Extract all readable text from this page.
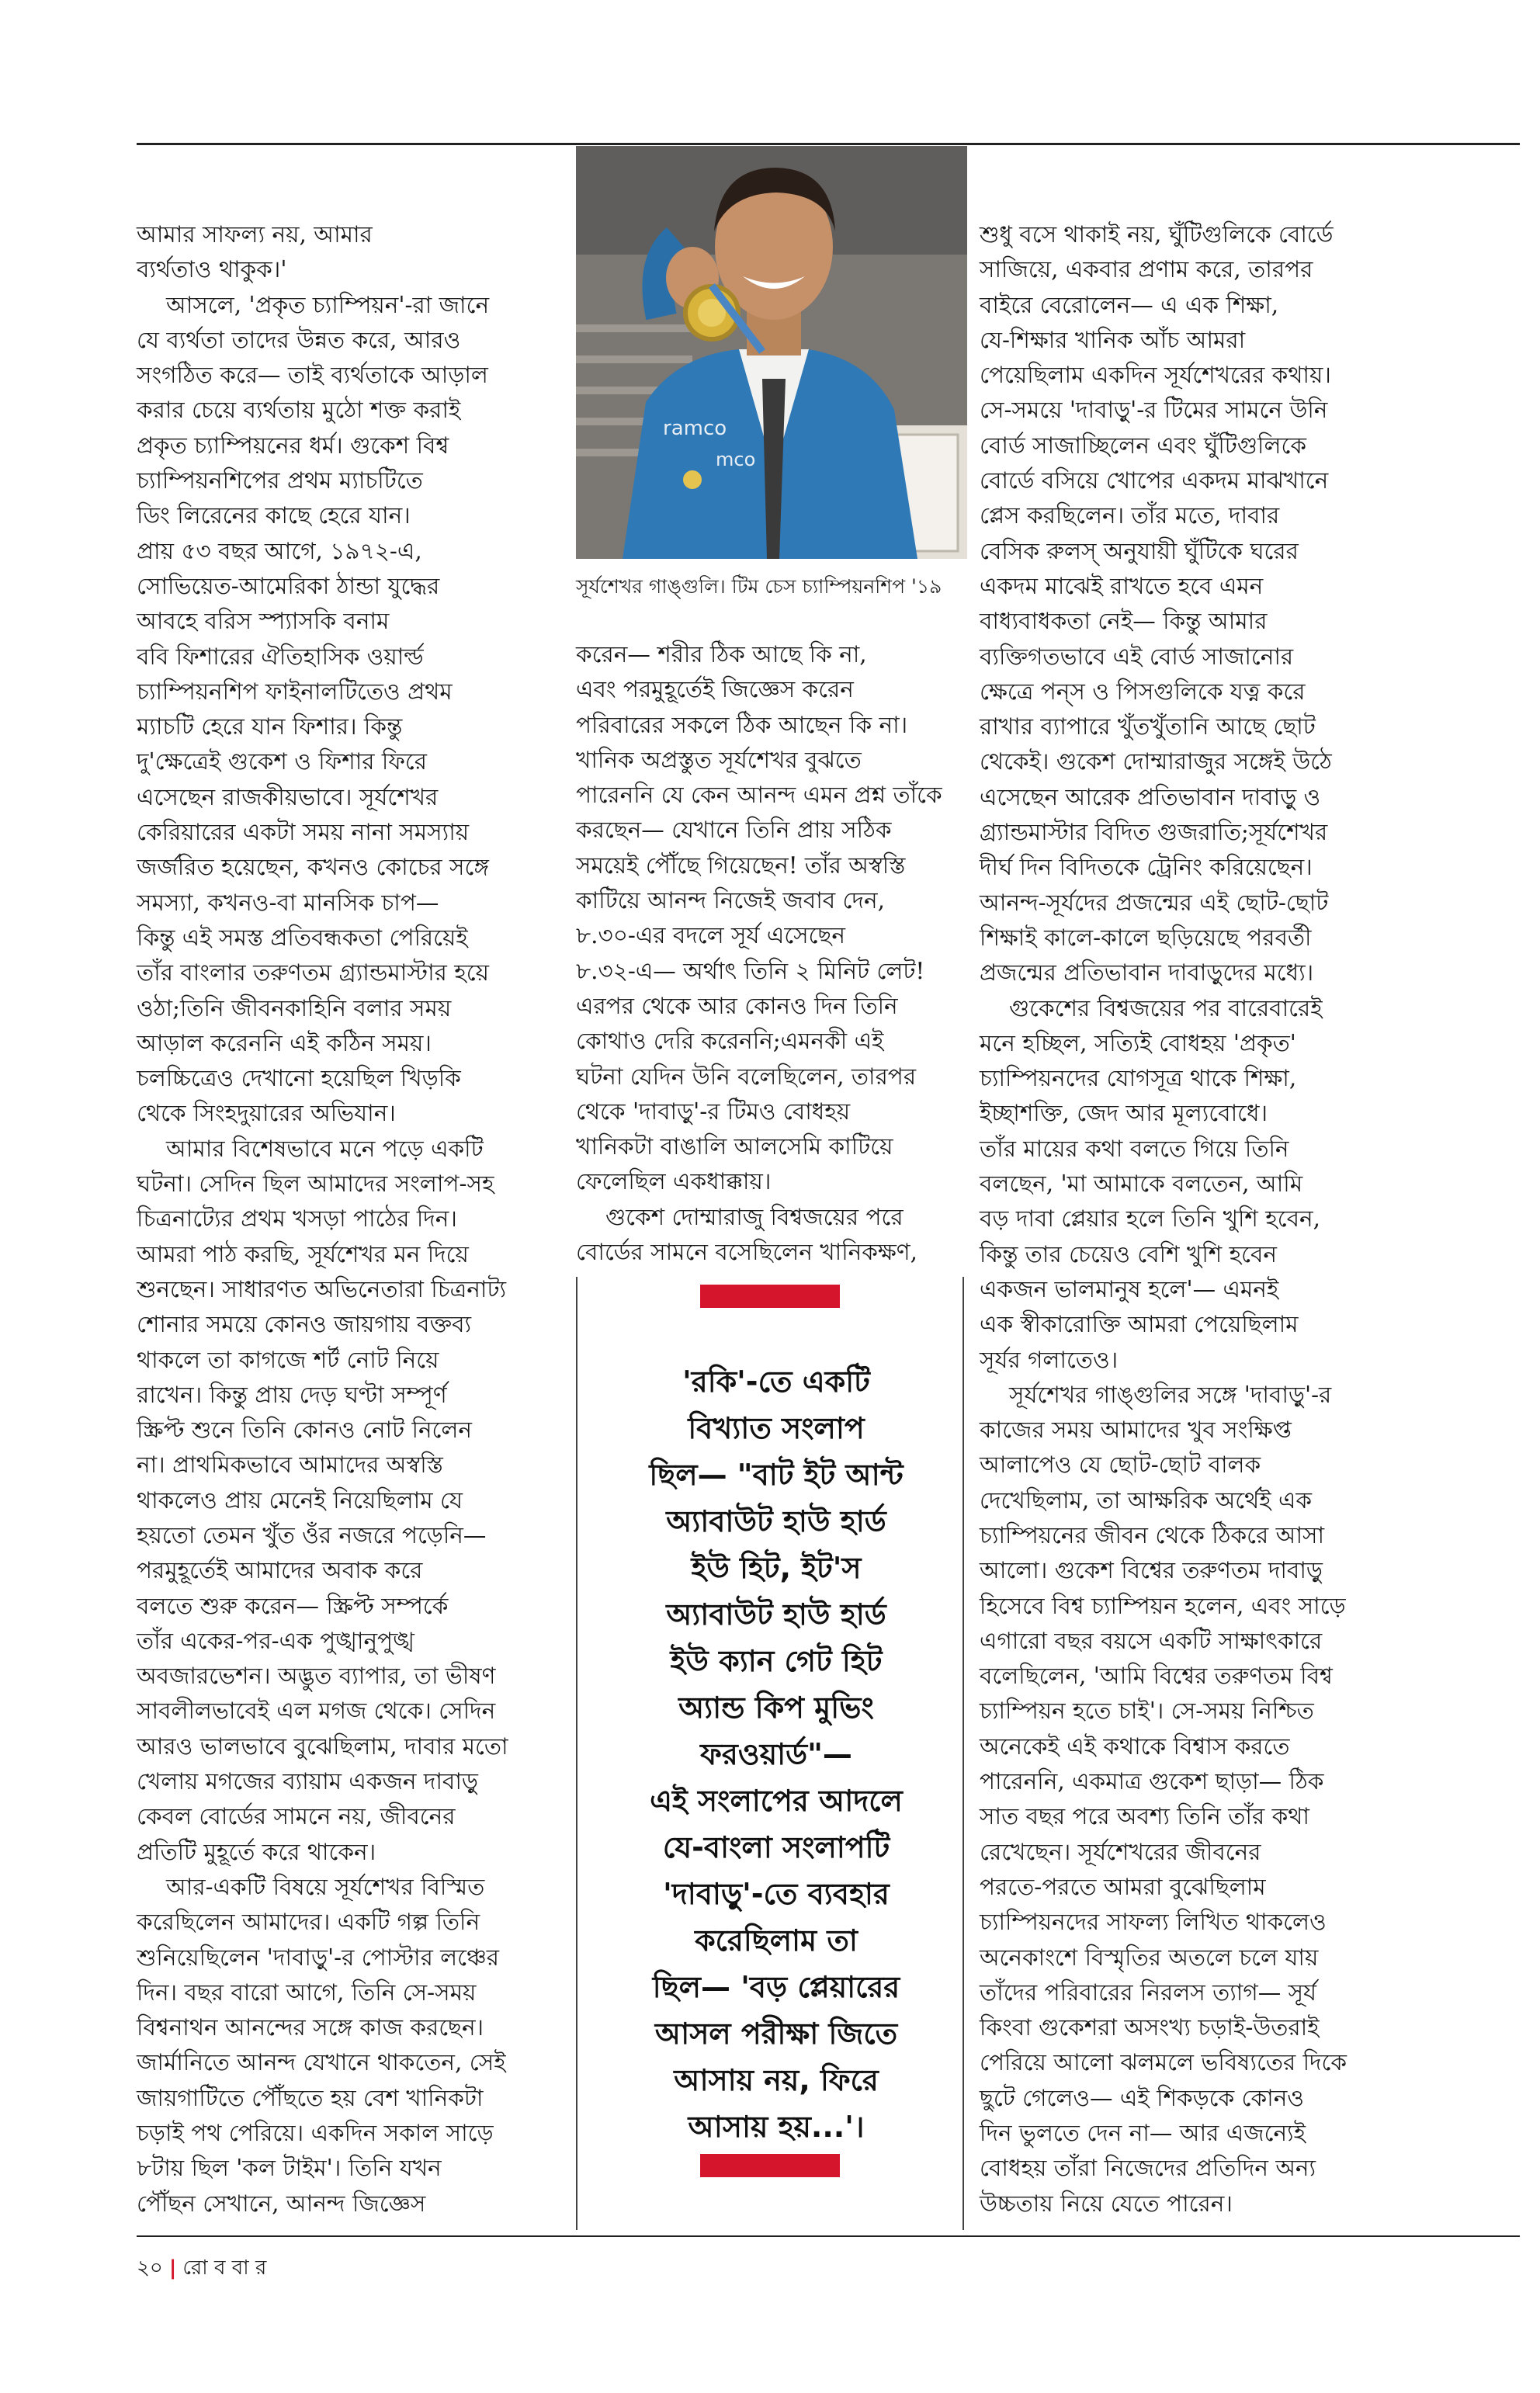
আমার সাফল্য নয়, আমার
ব্যর্থতাও থাকুক।'

আসলে, 'প্রকৃত চ্যাম্পিয়ন'-রা জানে
যে ব্যর্থতা তাদের উন্নত করে, আরও
সংগঠিত করে— তাই ব্যর্থতাকে আড়াল
করার চেয়ে ব্যর্থতায় মুঠো শক্ত করাই
প্রকৃত চ্যাম্পিয়নের ধর্ম। গুকেশ বিশ্ব
চ্যাম্পিয়নশিপের প্রথম ম্যাচটিতে
ডিং লিরেনের কাছে হেরে যান।
প্রায় ৫৩ বছর আগে, ১৯৭২-এ,
সোভিয়েত-আমেরিকা ঠান্ডা যুদ্ধের
আবহে বরিস স্প্যাসকি বনাম
ববি ফিশারের ঐতিহাসিক ওয়ার্ল্ড
চ্যাম্পিয়নশিপ ফাইনালটিতেও প্রথম
ম্যাচটি হেরে যান ফিশার। কিন্তু
দু'ক্ষেত্রেই গুকেশ ও ফিশার ফিরে
এসেছেন রাজকীয়ভাবে। সূর্যশেখর
কেরিয়ারের একটা সময় নানা সমস্যায়
জর্জরিত হয়েছেন, কখনও কোচের সঙ্গে
সমস্যা, কখনও-বা মানসিক চাপ—
কিন্তু এই সমস্ত প্রতিবন্ধকতা পেরিয়েই
তাঁর বাংলার তরুণতম গ্র্যান্ডমাস্টার হয়ে
ওঠা;তিনি জীবনকাহিনি বলার সময়
আড়াল করেননি এই কঠিন সময়।
চলচ্চিত্রেও দেখানো হয়েছিল খিড়কি
থেকে সিংহদুয়ারের অভিযান।

আমার বিশেষভাবে মনে পড়ে একটি
ঘটনা। সেদিন ছিল আমাদের সংলাপ-সহ
চিত্রনাট্যের প্রথম খসড়া পাঠের দিন।
আমরা পাঠ করছি, সূর্যশেখর মন দিয়ে
শুনছেন। সাধারণত অভিনেতারা চিত্রনাট্য
শোনার সময়ে কোনও জায়গায় বক্তব্য
থাকলে তা কাগজে শর্ট নোট নিয়ে
রাখেন। কিন্তু প্রায় দেড় ঘণ্টা সম্পূর্ণ
স্ক্রিপ্ট শুনে তিনি কোনও নোট নিলেন
না। প্রাথমিকভাবে আমাদের অস্বস্তি
থাকলেও প্রায় মেনেই নিয়েছিলাম যে
হয়তো তেমন খুঁত ওঁর নজরে পড়েনি—
পরমুহূর্তেই আমাদের অবাক করে
বলতে শুরু করেন— স্ক্রিপ্ট সম্পর্কে
তাঁর একের-পর-এক পুঙ্খানুপুঙ্খ
অবজারভেশন। অদ্ভুত ব্যাপার, তা ভীষণ
সাবলীলভাবেই এল মগজ থেকে। সেদিন
আরও ভালভাবে বুঝেছিলাম, দাবার মতো
খেলায় মগজের ব্যায়াম একজন দাবাড়ু
কেবল বোর্ডের সামনে নয়, জীবনের
প্রতিটি মুহূর্তে করে থাকেন।

আর-একটি বিষয়ে সূর্যশেখর বিস্মিত
করেছিলেন আমাদের। একটি গল্প তিনি
শুনিয়েছিলেন 'দাবাড়ু'-র পোস্টার লঞ্চের
দিন। বছর বারো আগে, তিনি সে-সময়
বিশ্বনাথন আনন্দের সঙ্গে কাজ করছেন।
জার্মানিতে আনন্দ যেখানে থাকতেন, সেই
জায়গাটিতে পৌঁছতে হয় বেশ খানিকটা
চড়াই পথ পেরিয়ে। একদিন সকাল সাড়ে
৮টায় ছিল 'কল টাইম'। তিনি যখন
পৌঁছন সেখানে, আনন্দ জিজ্ঞেস

ramco
mco
সূর্যশেখর গাঙ্গুলি। টিম চেস চ্যাম্পিয়নশিপ '১৯

করেন— শরীর ঠিক আছে কি না,
এবং পরমুহূর্তেই জিজ্ঞেস করেন
পরিবারের সকলে ঠিক আছেন কি না।
খানিক অপ্রস্তুত সূর্যশেখর বুঝতে
পারেননি যে কেন আনন্দ এমন প্রশ্ন তাঁকে
করছেন— যেখানে তিনি প্রায় সঠিক
সময়েই পৌঁছে গিয়েছেন! তাঁর অস্বস্তি
কাটিয়ে আনন্দ নিজেই জবাব দেন,
৮.৩০-এর বদলে সূর্য এসেছেন
৮.৩২-এ— অর্থাৎ তিনি ২ মিনিট লেট!
এরপর থেকে আর কোনও দিন তিনি
কোথাও দেরি করেননি;এমনকী এই
ঘটনা যেদিন উনি বলেছিলেন, তারপর
থেকে 'দাবাড়ু'-র টিমও বোধহয়
খানিকটা বাঙালি আলসেমি কাটিয়ে
ফেলেছিল একধাক্কায়।

গুকেশ দোম্মারাজু বিশ্বজয়ের পরে
বোর্ডের সামনে বসেছিলেন খানিকক্ষণ,

'রকি'-তে একটি
বিখ্যাত সংলাপ
ছিল— "বাট ইট আন্ট
অ্যাবাউট হাউ হার্ড
ইউ হিট, ইট'স
অ্যাবাউট হাউ হার্ড
ইউ ক্যান গেট হিট
অ্যান্ড কিপ মুভিং
ফরওয়ার্ড"—
এই সংলাপের আদলে
যে-বাংলা সংলাপটি
'দাবাড়ু'-তে ব্যবহার
করেছিলাম তা
ছিল— 'বড় প্লেয়ারের
আসল পরীক্ষা জিতে
আসায় নয়, ফিরে
আসায় হয়...'।

শুধু বসে থাকাই নয়, ঘুঁটিগুলিকে বোর্ডে
সাজিয়ে, একবার প্রণাম করে, তারপর
বাইরে বেরোলেন— এ এক শিক্ষা,
যে-শিক্ষার খানিক আঁচ আমরা
পেয়েছিলাম একদিন সূর্যশেখরের কথায়।
সে-সময়ে 'দাবাড়ু'-র টিমের সামনে উনি
বোর্ড সাজাচ্ছিলেন এবং ঘুঁটিগুলিকে
বোর্ডে বসিয়ে খোপের একদম মাঝখানে
প্লেস করছিলেন। তাঁর মতে, দাবার
বেসিক রুলস্ অনুযায়ী ঘুঁটিকে ঘরের
একদম মাঝেই রাখতে হবে এমন
বাধ্যবাধকতা নেই— কিন্তু আমার
ব্যক্তিগতভাবে এই বোর্ড সাজানোর
ক্ষেত্রে পন্‌স ও পিসগুলিকে যত্ন করে
রাখার ব্যাপারে খুঁতখুঁতানি আছে ছোট
থেকেই। গুকেশ দোম্মারাজুর সঙ্গেই উঠে
এসেছেন আরেক প্রতিভাবান দাবাড়ু ও
গ্র্যান্ডমাস্টার বিদিত গুজরাতি;সূর্যশেখর
দীর্ঘ দিন বিদিতকে ট্রেনিং করিয়েছেন।
আনন্দ-সূর্যদের প্রজন্মের এই ছোট-ছোট
শিক্ষাই কালে-কালে ছড়িয়েছে পরবর্তী
প্রজন্মের প্রতিভাবান দাবাড়ুদের মধ্যে।

গুকেশের বিশ্বজয়ের পর বারেবারেই
মনে হচ্ছিল, সত্যিই বোধহয় 'প্রকৃত'
চ্যাম্পিয়নদের যোগসূত্র থাকে শিক্ষা,
ইচ্ছাশক্তি, জেদ আর মূল্যবোধে।
তাঁর মায়ের কথা বলতে গিয়ে তিনি
বলছেন, 'মা আমাকে বলতেন, আমি
বড় দাবা প্লেয়ার হলে তিনি খুশি হবেন,
কিন্তু তার চেয়েও বেশি খুশি হবেন
একজন ভালমানুষ হলে'— এমনই
এক স্বীকারোক্তি আমরা পেয়েছিলাম
সূর্যর গলাতেও।

সূর্যশেখর গাঙ্গুলির সঙ্গে 'দাবাড়ু'-র
কাজের সময় আমাদের খুব সংক্ষিপ্ত
আলাপেও যে ছোট-ছোট বালক
দেখেছিলাম, তা আক্ষরিক অর্থেই এক
চ্যাম্পিয়নের জীবন থেকে ঠিকরে আসা
আলো। গুকেশ বিশ্বের তরুণতম দাবাড়ু
হিসেবে বিশ্ব চ্যাম্পিয়ন হলেন, এবং সাড়ে
এগারো বছর বয়সে একটি সাক্ষাৎকারে
বলেছিলেন, 'আমি বিশ্বের তরুণতম বিশ্ব
চ্যাম্পিয়ন হতে চাই'। সে-সময় নিশ্চিত
অনেকেই এই কথাকে বিশ্বাস করতে
পারেননি, একমাত্র গুকেশ ছাড়া— ঠিক
সাত বছর পরে অবশ্য তিনি তাঁর কথা
রেখেছেন। সূর্যশেখরের জীবনের
পরতে-পরতে আমরা বুঝেছিলাম
চ্যাম্পিয়নদের সাফল্য লিখিত থাকলেও
অনেকাংশে বিস্মৃতির অতলে চলে যায়
তাঁদের পরিবারের নিরলস ত্যাগ— সূর্য
কিংবা গুকেশরা অসংখ্য চড়াই-উতরাই
পেরিয়ে আলো ঝলমলে ভবিষ্যতের দিকে
ছুটে গেলেও— এই শিকড়কে কোনও
দিন ভুলতে দেন না— আর এজন্যেই
বোধহয় তাঁরা নিজেদের প্রতিদিন অন্য
উচ্চতায় নিয়ে যেতে পারেন।

২০ | রো ব বা র
